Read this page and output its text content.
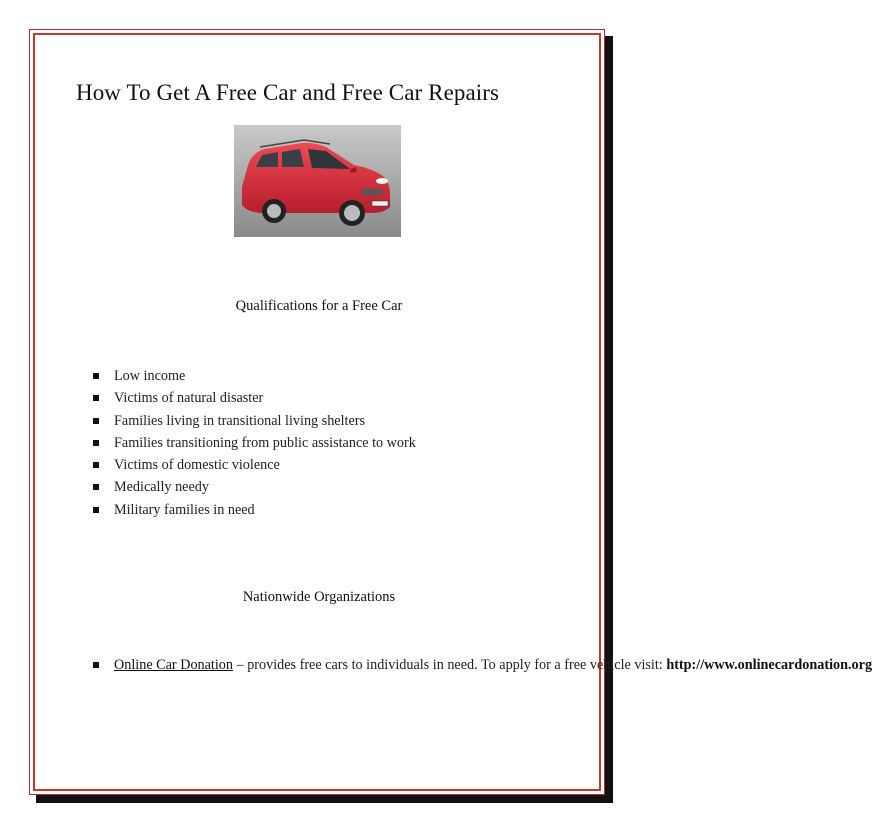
How To Get A Free Car and Free Car Repairs
Qualifications for a Free Car
Low income
Victims of natural disaster
Families living in transitional living shelters
Families transitioning from public assistance to work
Victims of domestic violence
Medically needy
Military families in need
Nationwide Organizations
Online Car Donation – provides free cars to individuals in need. To apply for a free vehicle visit: http://www.onlinecardonation.org
